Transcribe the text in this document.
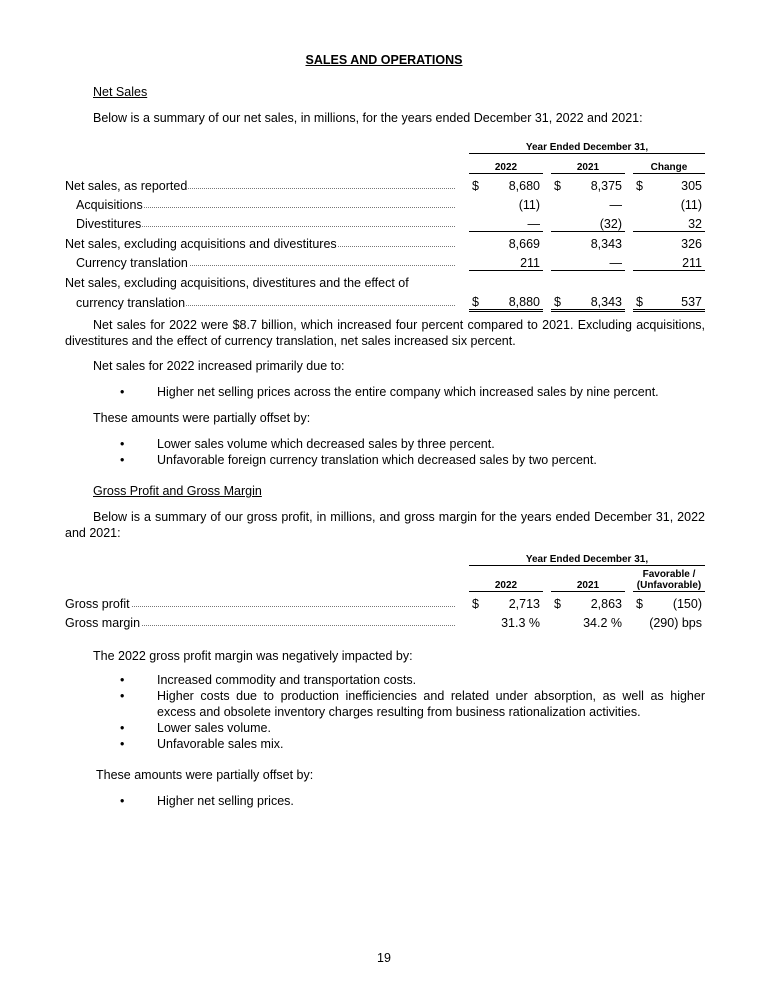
SALES AND OPERATIONS
Net Sales
Below is a summary of our net sales, in millions, for the years ended December 31, 2022 and 2021:
		Year Ended December 31,							
		2022			2021			Change	

Net sales, as reported		$	8,680		$	8,375		$	305

Acquisitions			(11)			—			(11)

Divestitures			—			(32)			32

Net sales, excluding acquisitions and divestitures			8,669			8,343			326

Currency translation			211			—			211
Net sales, excluding acquisitions, divestitures and the effect of									

currency translation		$	8,880		$	8,343		$	537
Net sales for 2022 were $8.7 billion, which increased four percent compared to 2021. Excluding acquisitions, divestitures and the effect of currency translation, net sales increased six percent.
Net sales for 2022 increased primarily due to:
•	Higher net selling prices across the entire company which increased sales by nine percent.
These amounts were partially offset by:
•	Lower sales volume which decreased sales by three percent.
•	Unfavorable foreign currency translation which decreased sales by two percent.
Gross Profit and Gross Margin
Below is a summary of our gross profit, in millions, and gross margin for the years ended December 31, 2022 and 2021:
		Year Ended December 31,							
		2022			2021			Favorable /
(Unfavorable)	

Gross profit		$	2,713		$	2,863		$	(150)

Gross margin			31.3 %			34.2 %		(290) bps	
The 2022 gross profit margin was negatively impacted by:
•	Increased commodity and transportation costs.
•	Higher costs due to production inefficiencies and related under absorption, as well as higher excess and obsolete inventory charges resulting from business rationalization activities.
•	Lower sales volume.
•	Unfavorable sales mix.
These amounts were partially offset by:
•	Higher net selling prices.
19
